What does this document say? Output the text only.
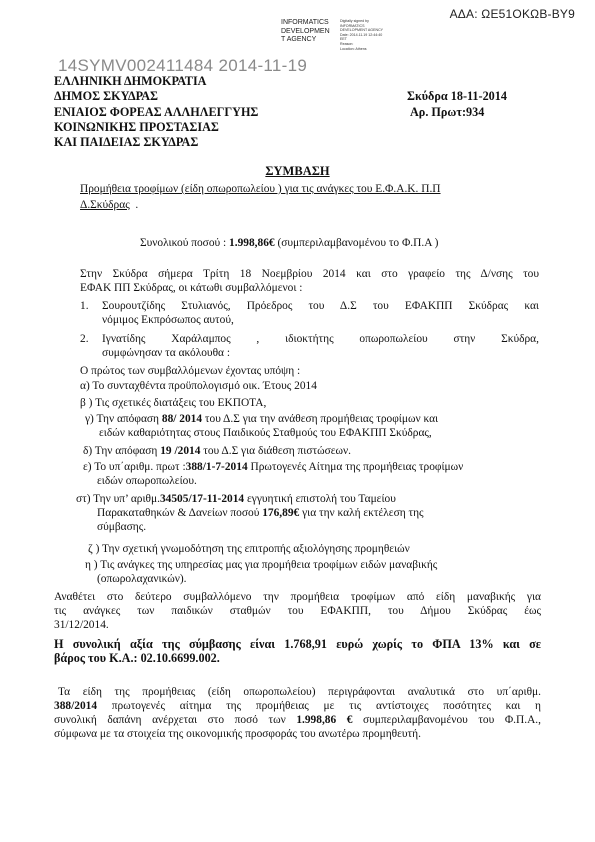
ΑΔΑ: ΩΕ51ΟΚΩΒ-ΒΥ9
INFORMATICS
DEVELOPMEN
T AGENCY
Digitally signed by
INFORMATICS
DEVELOPMENT AGENCY
Date: 2014.11.19 12:44:40
EET
Reason:
Location: Athens
ΕΛΛΗΝΙΚΗ ΔΗΜΟΚΡΑΤΙΑ
ΔΗΜΟΣ ΣΚΥΔΡΑΣ
ΕΝΙΑΙΟΣ ΦΟΡΕΑΣ ΑΛΛΗΛΕΓΓΥΗΣ
ΚΟΙΝΩΝΙΚΗΣ ΠΡΟΣΤΑΣΙΑΣ
ΚΑΙ ΠΑΙΔΕΙΑΣ ΣΚΥΔΡΑΣ
14SYMV002411484 2014-11-19
Σκύδρα 18-11-2014
Αρ. Πρωτ:934
ΣΥΜΒΑΣΗ
Προμήθεια τροφίμων (είδη οπωροπωλείου ) για τις ανάγκες του Ε.Φ.Α.Κ. Π.Π
Δ.Σκύδρας .
Συνολικού ποσού : 1.998,86€ (συμπεριλαμβανομένου το Φ.Π.Α )
Στην Σκύδρα σήμερα Τρίτη 18 Νοεμβρίου 2014 και στο γραφείο της Δ/νσης του
ΕΦΑΚ ΠΠ Σκύδρας, οι κάτωθι συμβαλλόμενοι :
1.	Σουρουτζίδης Στυλιανός, Πρόεδρος του Δ.Σ του ΕΦΑΚΠΠ Σκύδρας και
νόμιμος Εκπρόσωπος αυτού,
2.	Ιγνατίδης Χαράλαμπος , ιδιοκτήτης οπωροπωλείου στην Σκύδρα,
συμφώνησαν τα ακόλουθα :
Ο πρώτος των συμβαλλόμενων έχοντας υπόψη :
α) Το συνταχθέντα προϋπολογισμό οικ. Έτους 2014
β ) Τις σχετικές διατάξεις του ΕΚΠΟΤΑ,
γ) Την απόφαση 88/ 2014 του Δ.Σ για την ανάθεση προμήθειας τροφίμων και
ειδών καθαριότητας στους Παιδικούς Σταθμούς του ΕΦΑΚΠΠ Σκύδρας,
δ) Την απόφαση 19 /2014 του Δ.Σ για διάθεση πιστώσεων.
ε) Το υπ΄αριθμ. πρωτ :388/1-7-2014 Πρωτογενές Αίτημα της προμήθειας τροφίμων
ειδών οπωροπωλείου.
στ) Την υπ’ αριθμ.34505/17-11-2014 εγγυητική επιστολή του Ταμείου
Παρακαταθηκών & Δανείων ποσού 176,89€ για την καλή εκτέλεση της
σύμβασης.
ζ ) Την σχετική γνωμοδότηση της επιτροπής αξιολόγησης προμηθειών
η ) Τις ανάγκες της υπηρεσίας μας για προμήθεια τροφίμων ειδών μαναβικής
(οπωρολαχανικών).
Αναθέτει στο δεύτερο συμβαλλόμενο την προμήθεια τροφίμων από είδη μαναβικής για
τις ανάγκες των παιδικών σταθμών του ΕΦΑΚΠΠ, του Δήμου Σκύδρας έως
31/12/2014.
Η συνολική αξία της σύμβασης είναι 1.768,91 ευρώ χωρίς το ΦΠΑ 13% και σε
βάρος του Κ.Α.: 02.10.6699.002.
Τα είδη της προμήθειας (είδη οπωροπωλείου) περιγράφονται αναλυτικά στο υπ΄αριθμ.
388/2014 πρωτογενές αίτημα της προμήθειας με τις αντίστοιχες ποσότητες και η
συνολική δαπάνη ανέρχεται στο ποσό των 1.998,86 € συμπεριλαμβανομένου του Φ.Π.Α.,
σύμφωνα με τα στοιχεία της οικονομικής προσφοράς του ανωτέρω προμηθευτή.
